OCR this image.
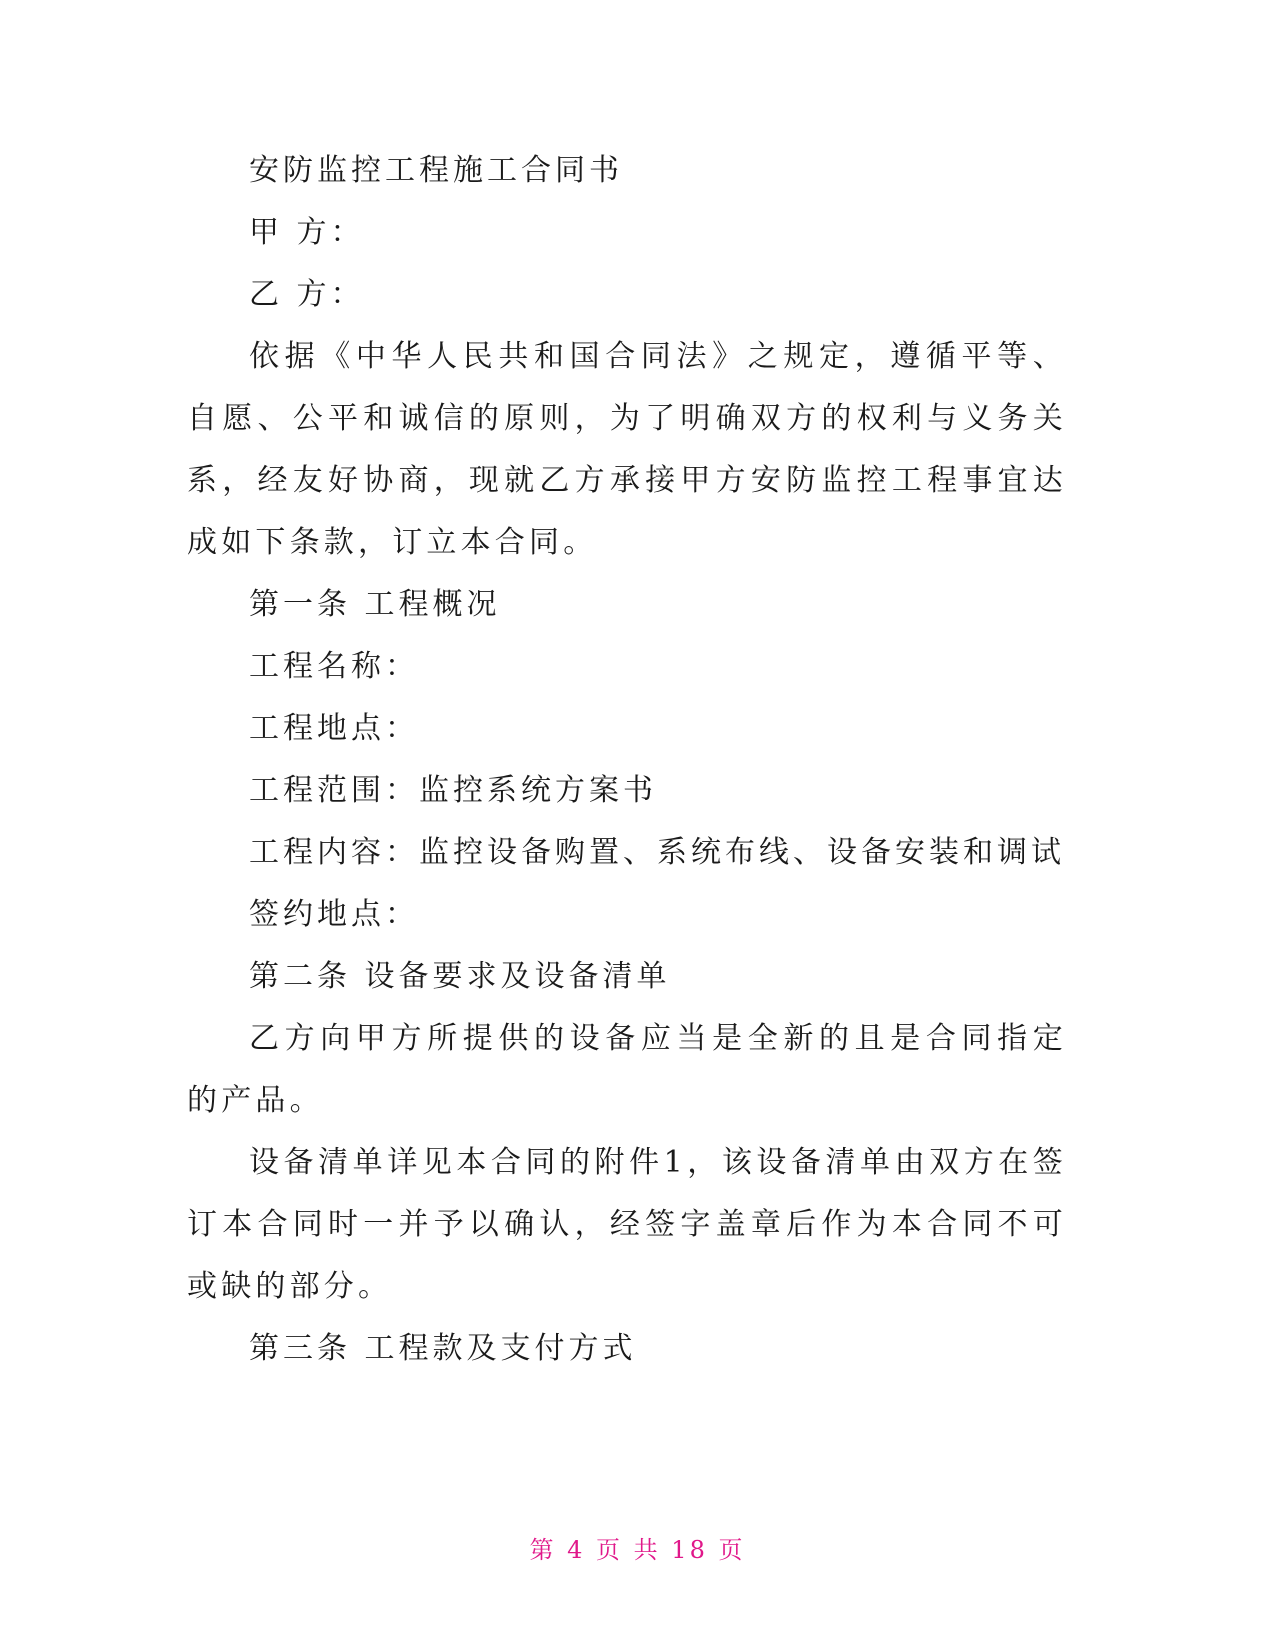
安防监控工程施工合同书
甲 方：
乙 方：
依据《中华人民共和国合同法》之规定，遵循平等、自愿、公平和诚信的原则，为了明确双方的权利与义务关系，经友好协商，现就乙方承接甲方安防监控工程事宜达成如下条款，订立本合同。
第一条 工程概况
工程名称：
工程地点：
工程范围：监控系统方案书
工程内容：监控设备购置、系统布线、设备安装和调试
签约地点：
第二条 设备要求及设备清单
乙方向甲方所提供的设备应当是全新的且是合同指定的产品。
设备清单详见本合同的附件1，该设备清单由双方在签订本合同时一并予以确认，经签字盖章后作为本合同不可或缺的部分。
第三条 工程款及支付方式
第 4 页 共 18 页
